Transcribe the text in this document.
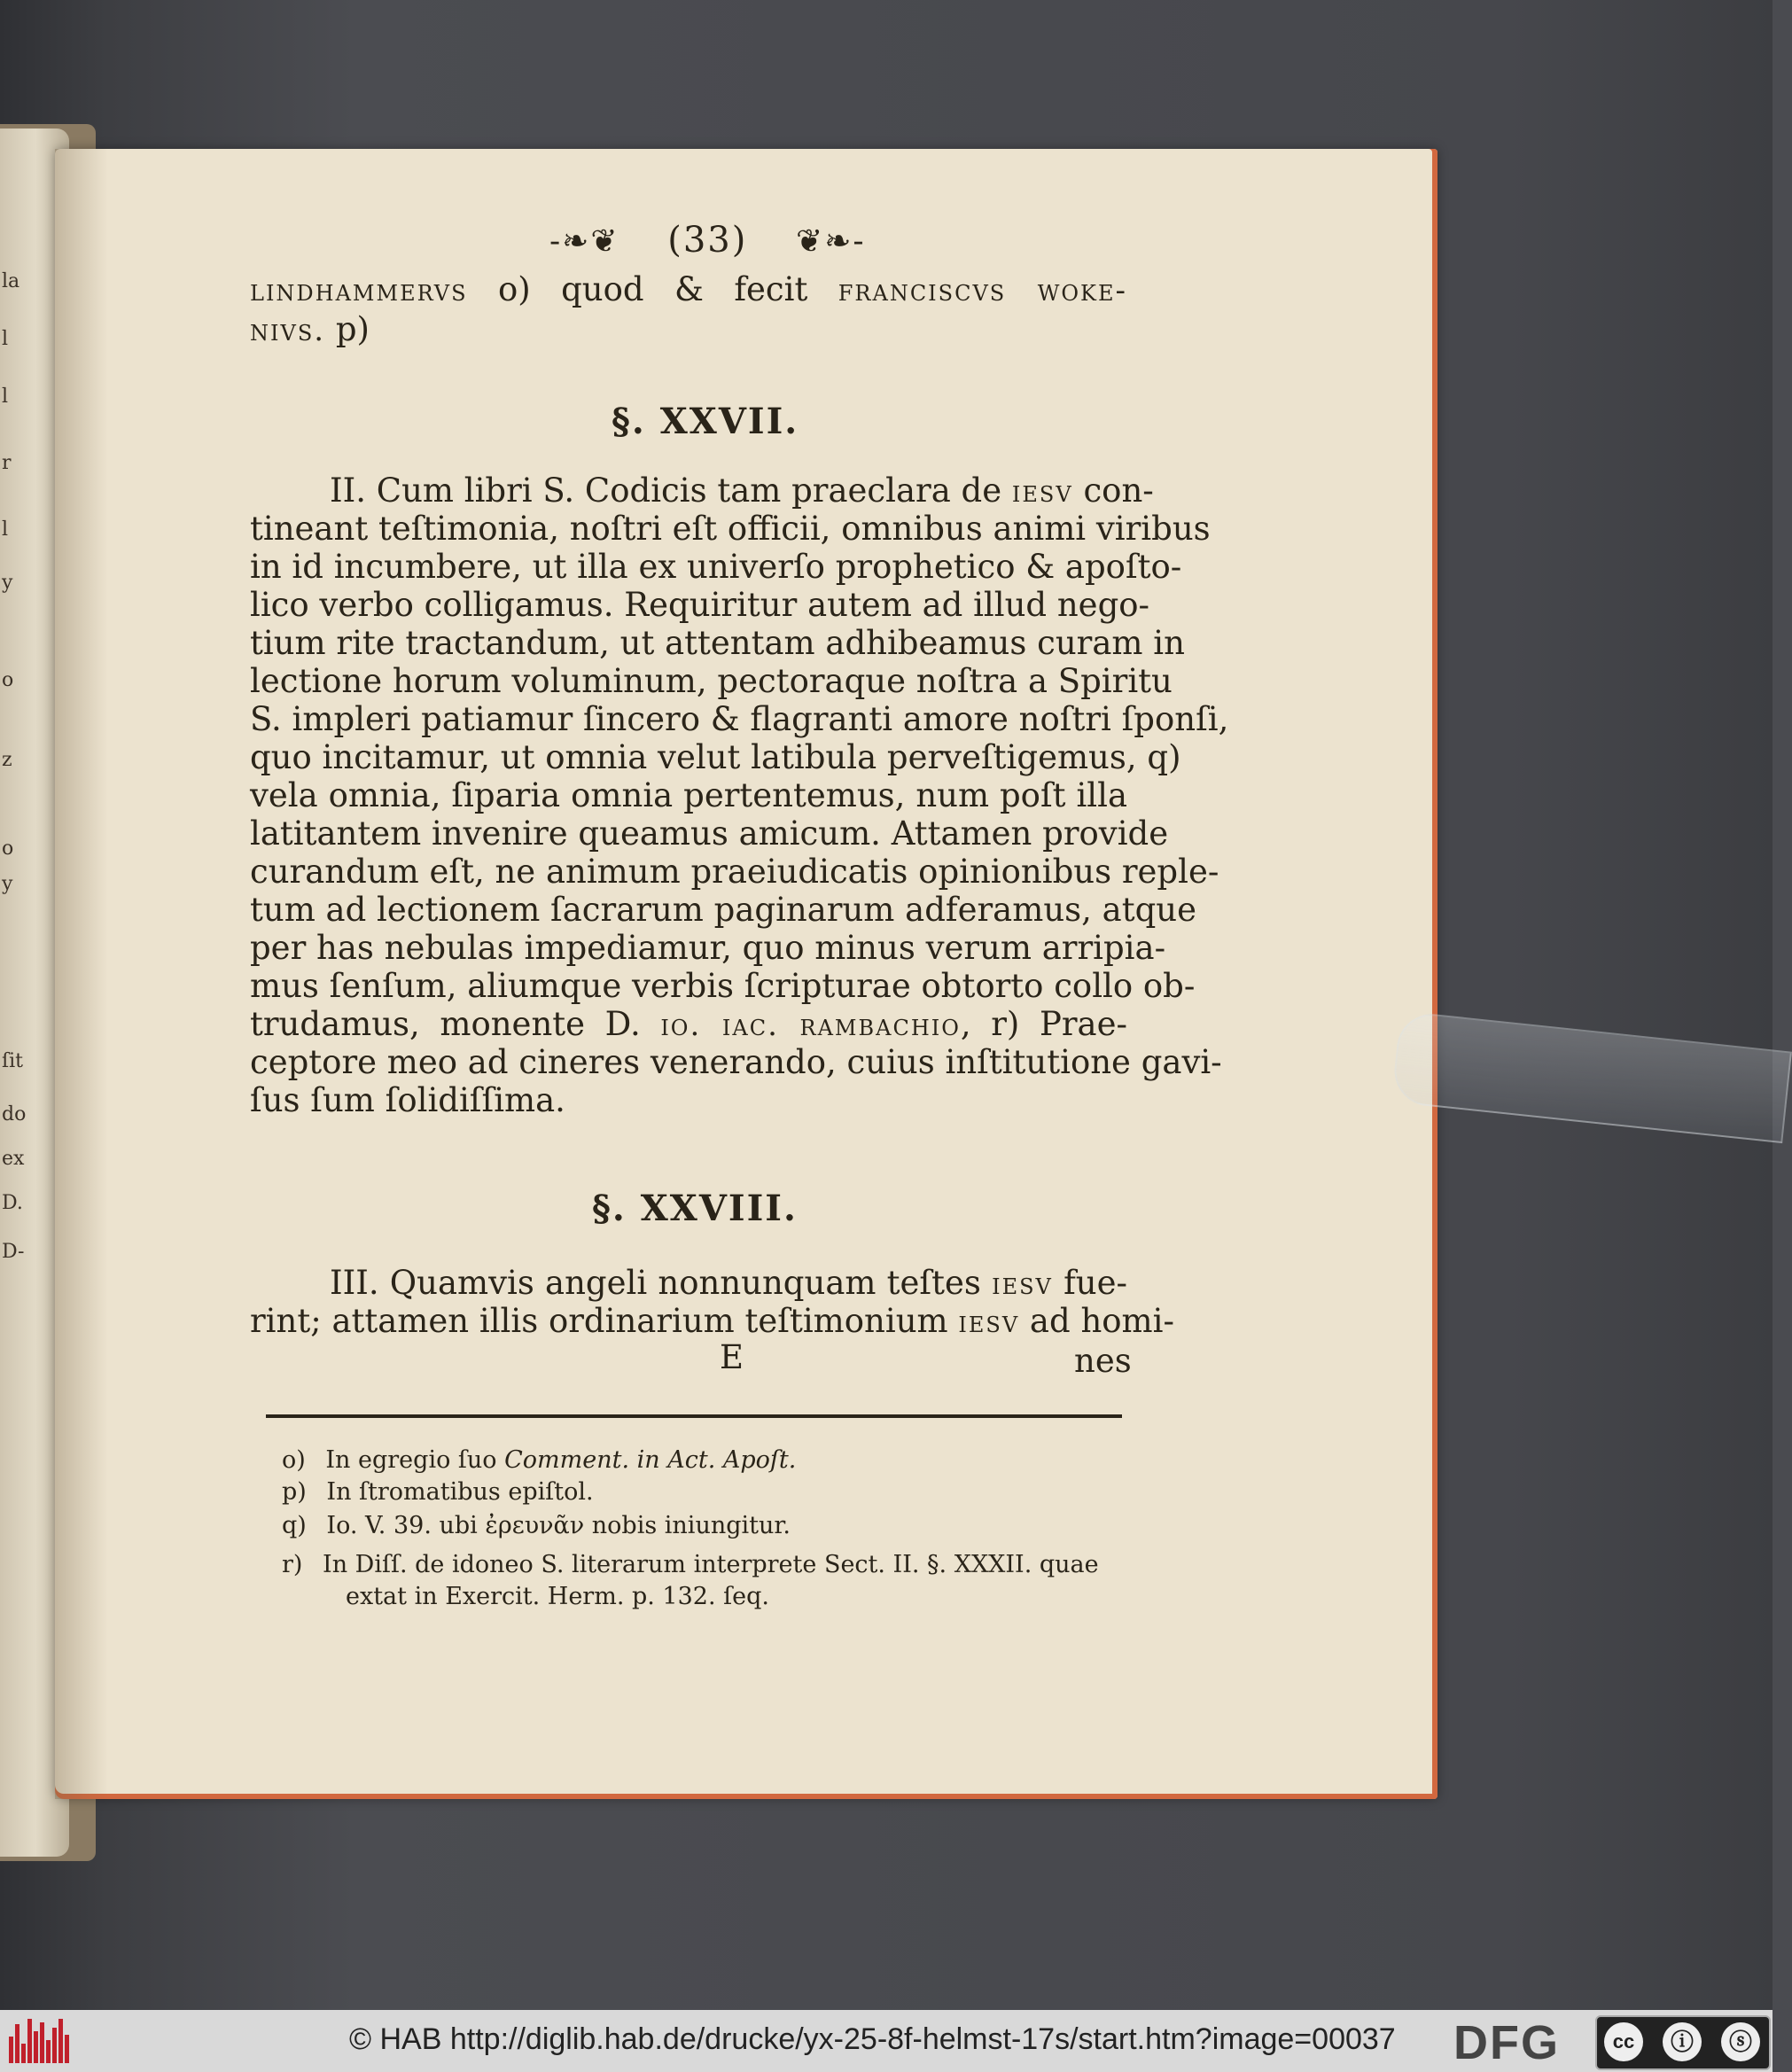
la
l
l
r
l
y
o
z
o
y
ſit
do
ex
D.
D-
-❧❦ (33) ❦❧-
lindhammervs o) quod & fecit franciscvs woke-
nivs. p)
§. XXVII.
II. Cum libri S. Codicis tam praeclara de iesv con-
tineant teſtimonia, noſtri eſt officii, omnibus animi viribus
in id incumbere, ut illa ex univerſo prophetico & apoſto-
lico verbo colligamus. Requiritur autem ad illud nego-
tium rite tractandum, ut attentam adhibeamus curam in
lectione horum voluminum, pectoraque noſtra a Spiritu
S. impleri patiamur ſincero & flagranti amore noſtri ſponſi,
quo incitamur, ut omnia velut latibula perveſtigemus, q)
vela omnia, ſiparia omnia pertentemus, num poſt illa
latitantem invenire queamus amicum. Attamen provide
curandum eſt, ne animum praeiudicatis opinionibus reple-
tum ad lectionem ſacrarum paginarum adferamus, atque
per has nebulas impediamur, quo minus verum arripia-
mus ſenſum, aliumque verbis ſcripturae obtorto collo ob-
trudamus, monente D. io. iac. rambachio, r) Prae-
ceptore meo ad cineres venerando, cuius inſtitutione gavi-
ſus ſum ſolidiſſima.
§. XXVIII.
III. Quamvis angeli nonnunquam teſtes iesv fue-
rint; attamen illis ordinarium teſtimonium iesv ad homi-
E	nes
o) In egregio ſuo Comment. in Act. Apoſt.
p) In ſtromatibus epiſtol.
q) Io. V. 39. ubi ἐρευνᾶν nobis iniungitur.
r) In Diſſ. de idoneo S. literarum interprete Sect. II. §. XXXII. quae
extat in Exercit. Herm. p. 132. ſeq.
© HAB http://diglib.hab.de/drucke/yx-25-8f-helmst-17s/start.htm?image=00037 DFG	cc	ⓘ	ⓢ
